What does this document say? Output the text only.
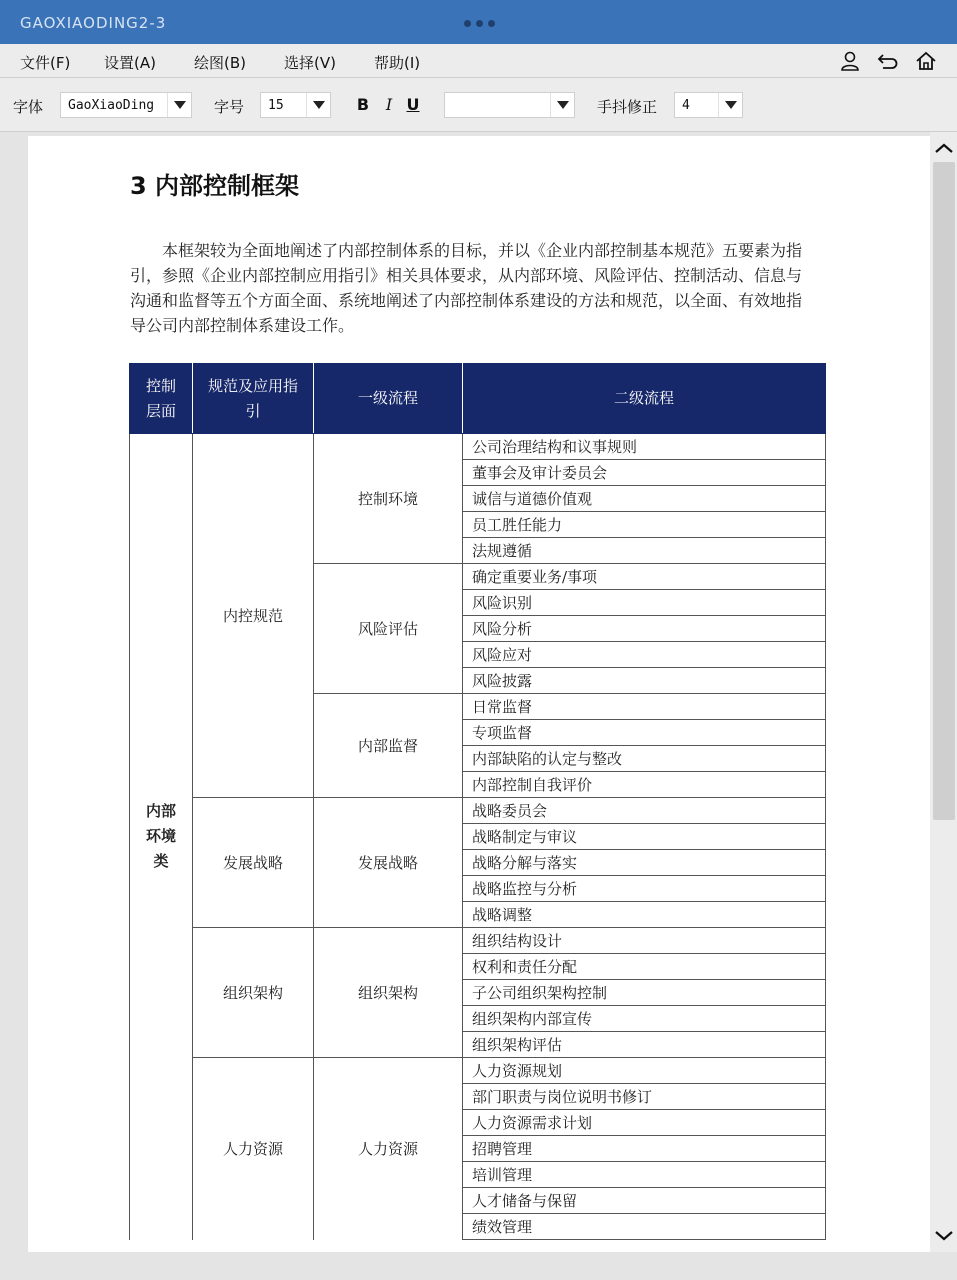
GAOXIAODING2-3
文件(F) 设置(A)	绘图(B)	选择(V)	帮助(I)
字体 GaoXiaoDing	字号 15	B	I U	手抖修正 4
3 内部控制框架
　　本框架较为全面地阐述了内部控制体系的目标，并以《企业内部控制基本规范》五要素为指引，参照《企业内部控制应用指引》相关具体要求，从内部环境、风险评估、控制活动、信息与沟通和监督等五个方面全面、系统地阐述了内部控制体系建设的方法和规范，以全面、有效地指导公司内部控制体系建设工作。
控制层面	规范及应用指引	一级流程	二级流程

内部环境类	内控规范	控制环境	公司治理结构和议事规则
			董事会及审计委员会
			诚信与道德价值观
			员工胜任能力
			法规遵循
		风险评估	确定重要业务/事项
			风险识别
			风险分析
			风险应对
			风险披露
		内部监督	日常监督
			专项监督
			内部缺陷的认定与整改
			内部控制自我评价
	发展战略	发展战略	战略委员会
			战略制定与审议
			战略分解与落实
			战略监控与分析
			战略调整
	组织架构	组织架构	组织结构设计
			权利和责任分配
			子公司组织架构控制
			组织架构内部宣传
			组织架构评估
	人力资源	人力资源	人力资源规划
			部门职责与岗位说明书修订
			人力资源需求计划
			招聘管理
			培训管理
			人才储备与保留
			绩效管理
